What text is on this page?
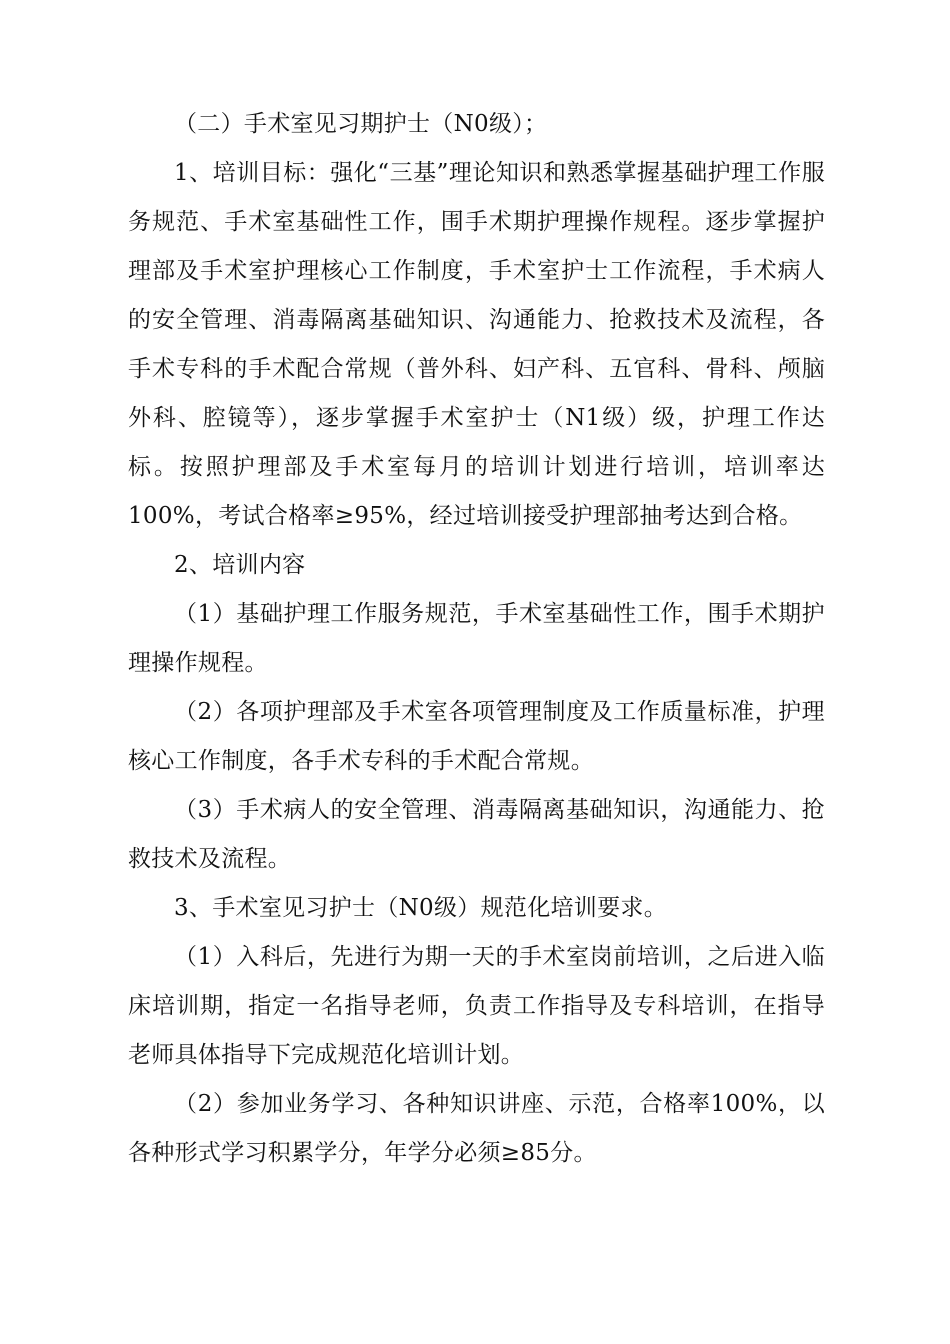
（二）手术室见习期护士（N0级）；

1、培训目标：强化“三基”理论知识和熟悉掌握基础护理工作服务规范、手术室基础性工作，围手术期护理操作规程。逐步掌握护理部及手术室护理核心工作制度，手术室护士工作流程，手术病人的安全管理、消毒隔离基础知识、沟通能力、抢救技术及流程，各手术专科的手术配合常规（普外科、妇产科、五官科、骨科、颅脑外科、腔镜等），逐步掌握手术室护士（N1级）级，护理工作达标。按照护理部及手术室每月的培训计划进行培训，培训率达100%，考试合格率≥95%，经过培训接受护理部抽考达到合格。

2、培训内容

（1）基础护理工作服务规范，手术室基础性工作，围手术期护理操作规程。

（2）各项护理部及手术室各项管理制度及工作质量标准，护理核心工作制度，各手术专科的手术配合常规。

（3）手术病人的安全管理、消毒隔离基础知识，沟通能力、抢救技术及流程。

3、手术室见习护士（N0级）规范化培训要求。

（1）入科后，先进行为期一天的手术室岗前培训，之后进入临床培训期，指定一名指导老师，负责工作指导及专科培训，在指导老师具体指导下完成规范化培训计划。

（2）参加业务学习、各种知识讲座、示范，合格率100%，以各种形式学习积累学分，年学分必须≥85分。
